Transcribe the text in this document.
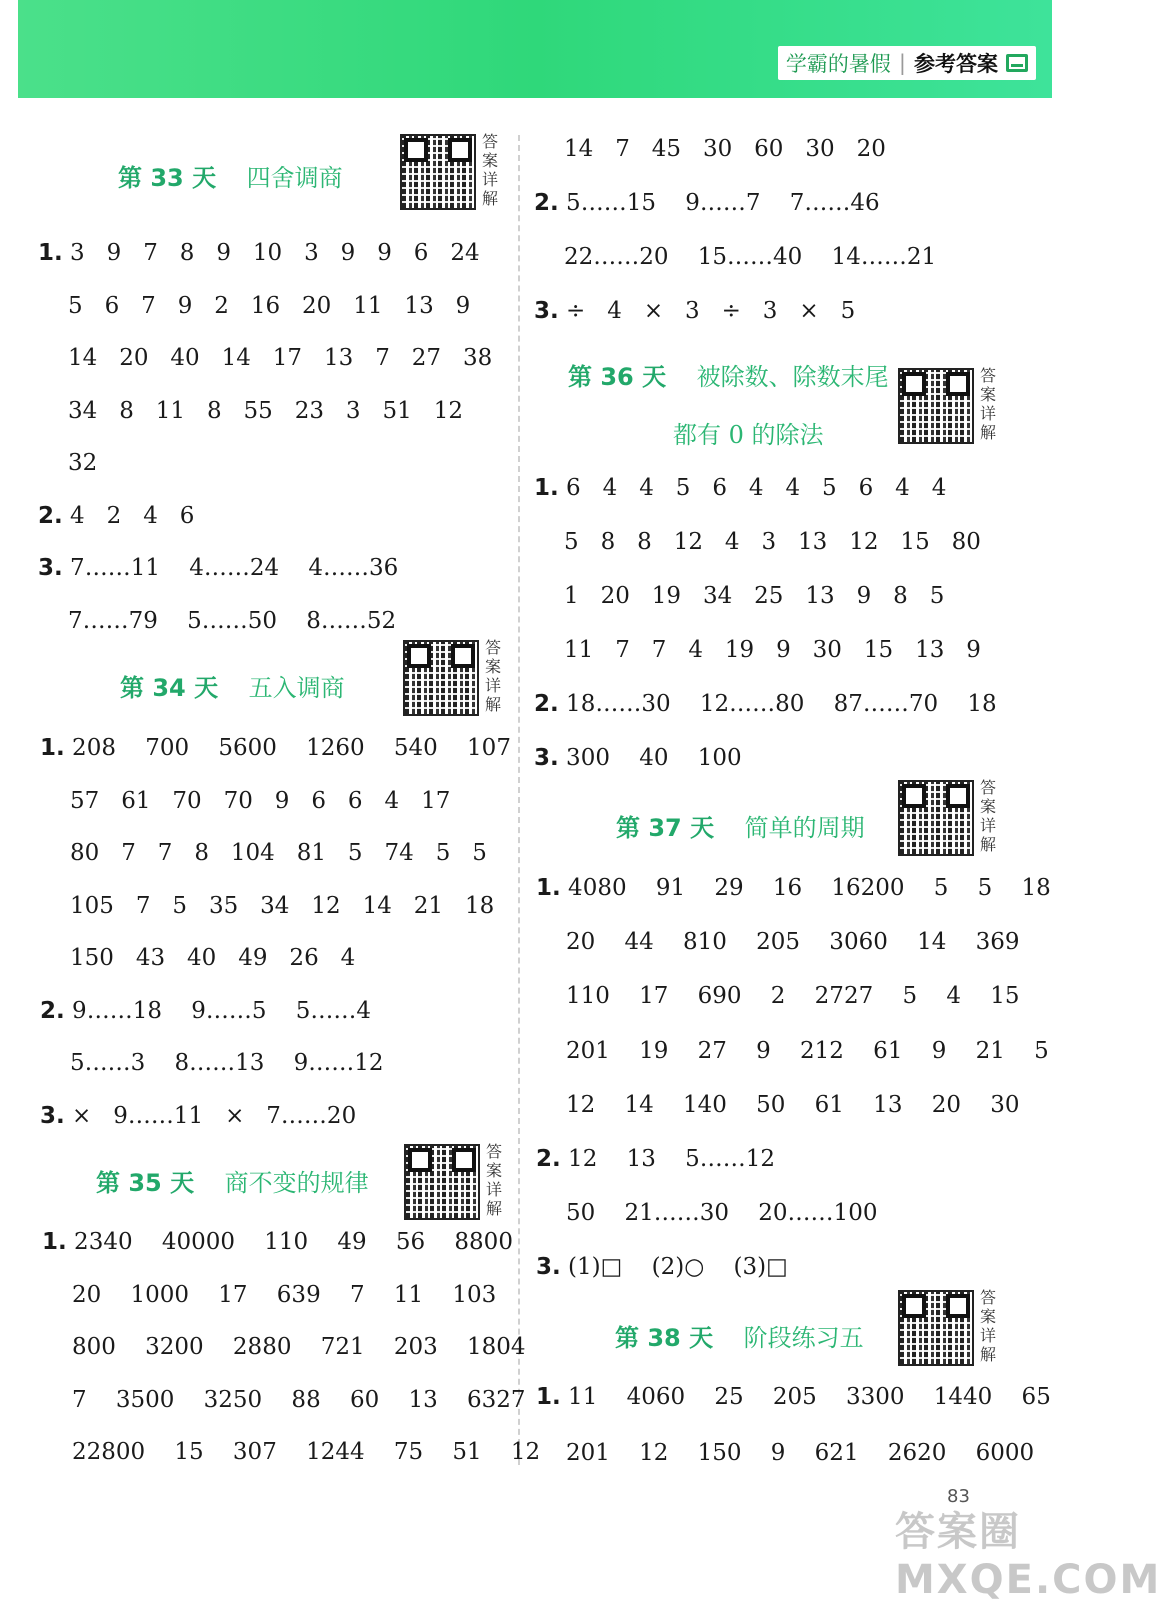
学霸的暑假 | 参考答案
第 33 天    四舍调商
答案详解
1. 3   9   7   8   9   10   3   9   9   6   24
5   6   7   9   2   16   20   11   13   9
14   20   40   14   17   13   7   27   38
34   8   11   8   55   23   3   51   12
32
2. 4   2   4   6
3. 7……11    4……24    4……36
7……79    5……50    8……52
第 34 天    五入调商
答案详解
1. 208    700    5600    1260    540    107
57   61   70   70   9   6   6   4   17
80   7   7   8   104   81   5   74   5   5
105   7   5   35   34   12   14   21   18
150   43   40   49   26   4
2. 9……18    9……5    5……4
5……3    8……13    9……12
3. ×   9……11   ×   7……20
第 35 天    商不变的规律
答案详解
1. 2340    40000    110    49    56    8800
20    1000    17    639    7    11    103
800    3200    2880    721    203    1804
7    3500    3250    88    60    13    6327
22800    15    307    1244    75    51    12
14   7   45   30   60   30   20
2. 5……15    9……7    7……46
22……20    15……40    14……21
3. ÷   4   ×   3   ÷   3   ×   5
第 36 天    被除数、除数末尾
都有 0 的除法
答案详解
1. 6   4   4   5   6   4   4   5   6   4   4
5   8   8   12   4   3   13   12   15   80
1   20   19   34   25   13   9   8   5
11   7   7   4   19   9   30   15   13   9
2. 18……30    12……80    87……70    18
3. 300    40    100
第 37 天    简单的周期
答案详解
1. 4080    91    29    16    16200    5    5    18
20    44    810    205    3060    14    369
110    17    690    2    2727    5    4    15
201    19    27    9    212    61    9    21    5
12    14    140    50    61    13    20    30
2. 12    13    5……12
50    21……30    20……100
3. (1)□    (2)○    (3)□
第 38 天    阶段练习五
答案详解
1. 11    4060    25    205    3300    1440    65
201    12    150    9    621    2620    6000
83
答案圈 MXQE.COM
